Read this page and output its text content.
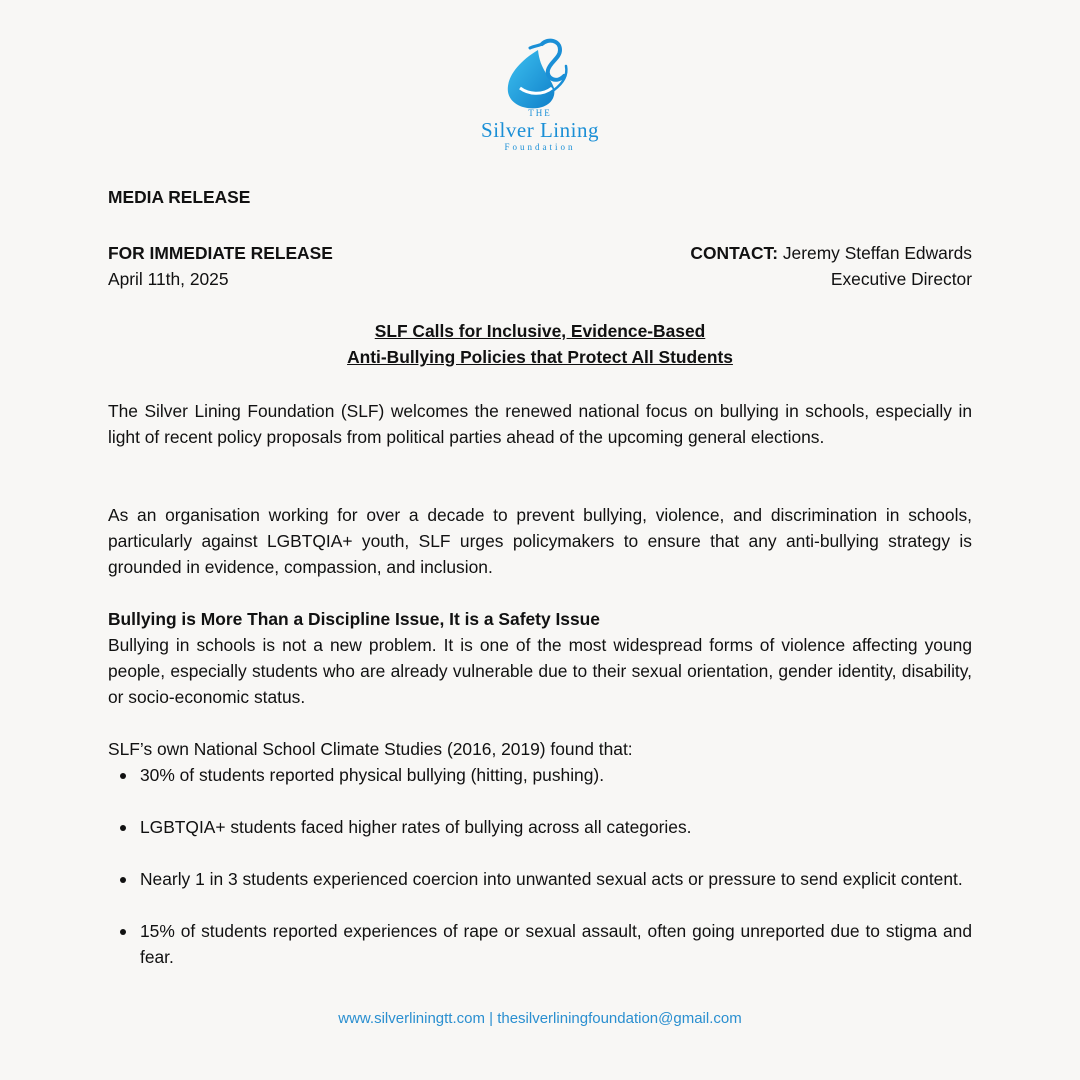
THE
Silver Lining
Foundation
MEDIA RELEASE
FOR IMMEDIATE RELEASE
April 11th, 2025
CONTACT: Jeremy Steffan Edwards
Executive Director
SLF Calls for Inclusive, Evidence-Based
Anti-Bullying Policies that Protect All Students
The Silver Lining Foundation (SLF) welcomes the renewed national focus on bullying in schools, especially in light of recent policy proposals from political parties ahead of the upcoming general elections.
As an organisation working for over a decade to prevent bullying, violence, and discrimination in schools, particularly against LGBTQIA+ youth, SLF urges policymakers to ensure that any anti-bullying strategy is grounded in evidence, compassion, and inclusion.
Bullying is More Than a Discipline Issue, It is a Safety Issue
Bullying in schools is not a new problem. It is one of the most widespread forms of violence affecting young people, especially students who are already vulnerable due to their sexual orientation, gender identity, disability, or socio-economic status.
SLF’s own National School Climate Studies (2016, 2019) found that:
30% of students reported physical bullying (hitting, pushing).
LGBTQIA+ students faced higher rates of bullying across all categories.
Nearly 1 in 3 students experienced coercion into unwanted sexual acts or pressure to send explicit content.
15% of students reported experiences of rape or sexual assault, often going unreported due to stigma and fear.
www.silverliningtt.com | thesilverliningfoundation@gmail.com
